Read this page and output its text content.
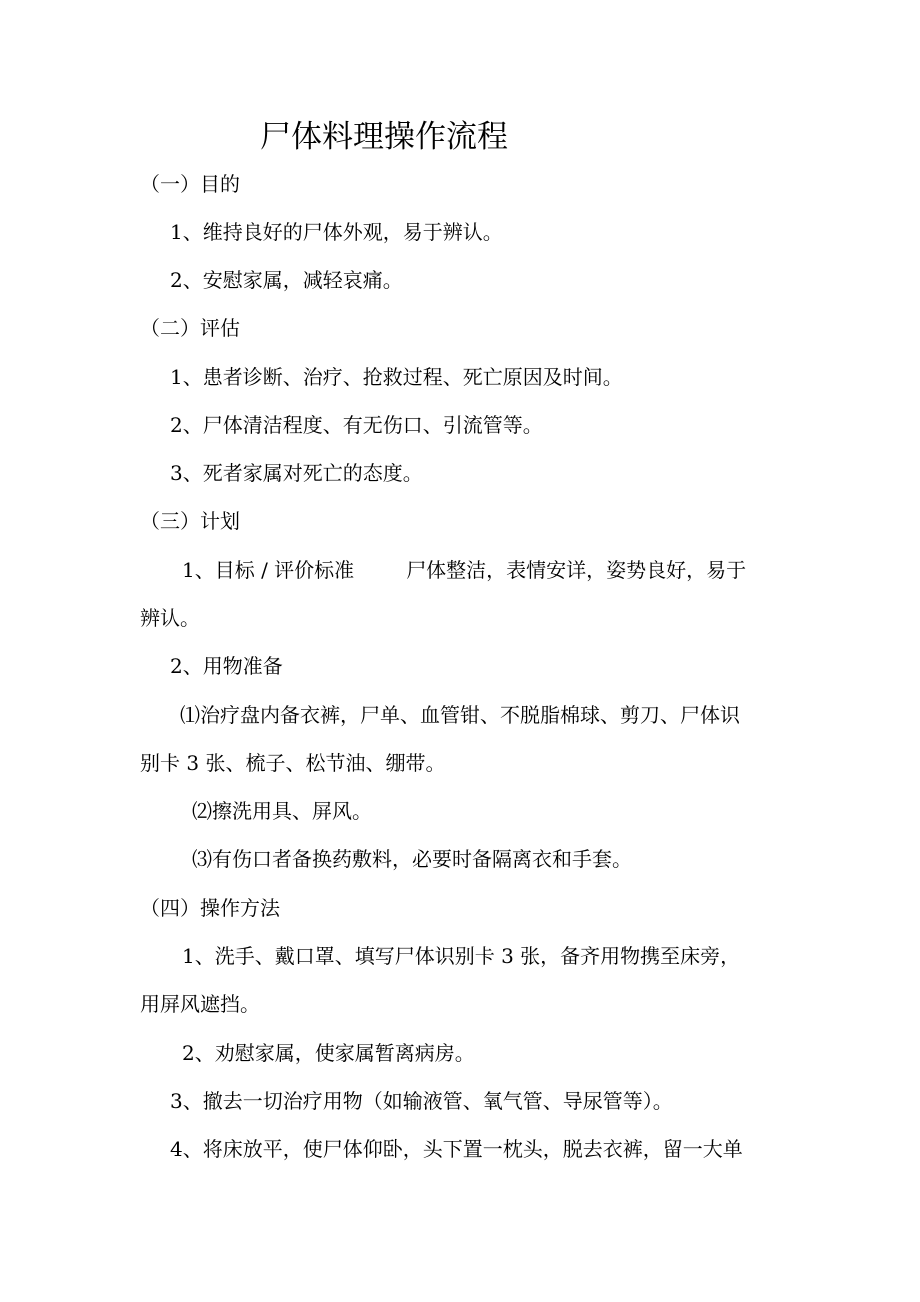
尸体料理操作流程
（一）目的
1、维持良好的尸体外观，易于辨认。
2、安慰家属，减轻哀痛。
（二）评估
1、患者诊断、治疗、抢救过程、死亡原因及时间。
2、尸体清洁程度、有无伤口、引流管等。
3、死者家属对死亡的态度。
（三）计划
1、目标 / 评价标准	尸体整洁，表情安详，姿势良好，易于
辨认。
2、用物准备
⑴治疗盘内备衣裤，尸单、血管钳、不脱脂棉球、剪刀、尸体识
别卡 3 张、梳子、松节油、绷带。
⑵擦洗用具、屏风。
⑶有伤口者备换药敷料，必要时备隔离衣和手套。
（四）操作方法
1、洗手、戴口罩、填写尸体识别卡 3 张，备齐用物携至床旁，
用屏风遮挡。
2、劝慰家属，使家属暂离病房。
3、撤去一切治疗用物（如输液管、氧气管、导尿管等）。
4、将床放平，使尸体仰卧，头下置一枕头，脱去衣裤，留一大单
